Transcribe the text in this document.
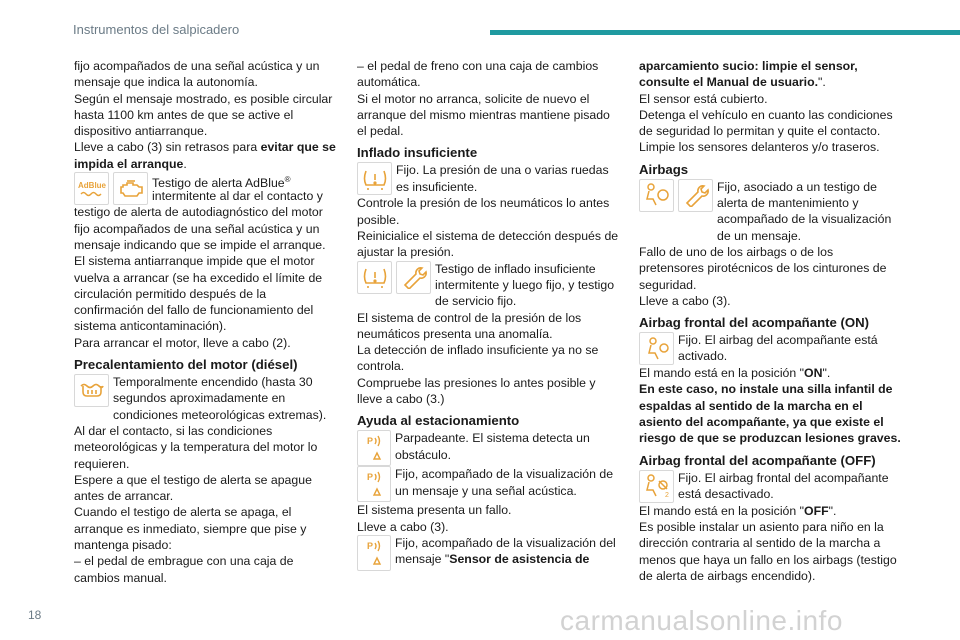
Instrumentos del salpicadero

fijo acompañados de una señal acústica y un mensaje que indica la autonomía.

Según el mensaje mostrado, es posible circular hasta 1100 km antes de que se active el dispositivo antiarranque.

Lleve a cabo (3) sin retrasos para evitar que se impida el arranque.

AdBlue	Testigo de alerta AdBlue®

intermitente al dar el contacto y testigo de alerta de autodiagnóstico del motor fijo acompañados de una señal acústica y un mensaje indicando que se impide el arranque.

El sistema antiarranque impide que el motor vuelva a arrancar (se ha excedido el límite de circulación permitido después de la confirmación del fallo de funcionamiento del sistema anticontaminación).

Para arrancar el motor, lleve a cabo (2).

Precalentamiento del motor (diésel)

Temporalmente encendido (hasta 30 segundos aproximadamente en condiciones meteorológicas extremas).

Al dar el contacto, si las condiciones meteorológicas y la temperatura del motor lo requieren.

Espere a que el testigo de alerta se apague antes de arrancar.

Cuando el testigo de alerta se apaga, el arranque es inmediato, siempre que pise y mantenga pisado:

– el pedal de embrague con una caja de cambios manual.

– el pedal de freno con una caja de cambios automática.

Si el motor no arranca, solicite de nuevo el arranque del mismo mientras mantiene pisado el pedal.

Inflado insuficiente

Fijo. La presión de una o varias ruedas es insuficiente.

Controle la presión de los neumáticos lo antes posible.

Reinicialice el sistema de detección después de ajustar la presión.

Testigo de inflado insuficiente intermitente y luego fijo, y testigo de servicio fijo.

El sistema de control de la presión de los neumáticos presenta una anomalía.

La detección de inflado insuficiente ya no se controla.

Compruebe las presiones lo antes posible y lleve a cabo (3.)

Ayuda al estacionamiento
P Parpadeante. El sistema detecta un obstáculo.

P Fijo, acompañado de la visualización de un mensaje y una señal acústica.

El sistema presenta un fallo.

Lleve a cabo (3).

P Fijo, acompañado de la visualización del mensaje "Sensor de asistencia de

aparcamiento sucio: limpie el sensor, consulte el Manual de usuario.".

El sensor está cubierto.

Detenga el vehículo en cuanto las condiciones de seguridad lo permitan y quite el contacto.

Limpie los sensores delanteros y/o traseros.

Airbags

Fijo, asociado a un testigo de alerta de mantenimiento y acompañado de la visualización de un mensaje.

Fallo de uno de los airbags o de los pretensores pirotécnicos de los cinturones de seguridad.

Lleve a cabo (3).

Airbag frontal del acompañante (ON)

Fijo. El airbag del acompañante está activado.

El mando está en la posición "ON".

En este caso, no instale una silla infantil de espaldas al sentido de la marcha en el asiento del acompañante, ya que existe el riesgo de que se produzcan lesiones graves.

Airbag frontal del acompañante (OFF)
2

Fijo. El airbag frontal del acompañante está desactivado.

El mando está en la posición "OFF".

Es posible instalar un asiento para niño en la dirección contraria al sentido de la marcha a menos que haya un fallo en los airbags (testigo de alerta de airbags encendido).

18	carmanualsonline.info
